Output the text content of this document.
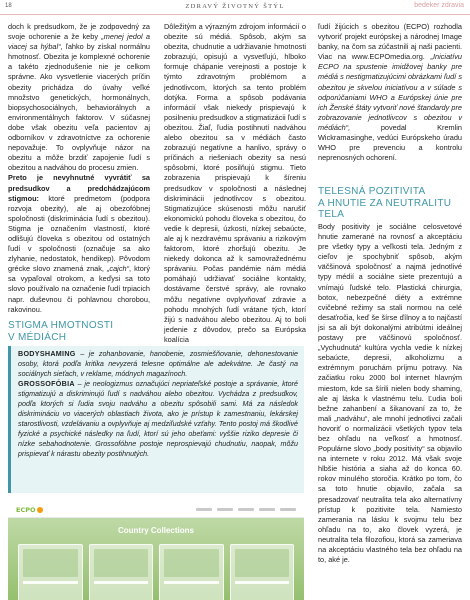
18	ZDRAVÝ ŽIVOTNÝ ŠTÝL	bedeker zdravia

doch k predsudkom, že je zodpovedný za svoje ochorenie a že keby „menej jedol a viacej sa hýbal“, ľahko by získal normálnu hmotnosť. Obezita je komplexné ochorenie a takéto zjednodušenie nie je celkom správne. Ako vysvetlenie viacerých príčin obezity prichádza do úvahy veľké množstvo genetických, hormonálnych, biopsychosociálnych, behaviorálnych a environmentálnych faktorov. V súčasnej dobe však obezitu veľa pacientov aj odborníkov v zdravotníctve za ochorenie nepovažuje. To ovplyvňuje názor na obezitu a môže brzdiť zapojenie ľudí s obezitou a nadváhou do procesu zmien.

Preto je nevyhnutné vyvrátiť sa predsudkov a predchádzajúcom stigmou: ktoré predmetom (podpora rozvoja obezity), ale aj obezofóbnej spoločnosti (diskriminácia ľudí s obezitou). Stigma je označením vlastností, ktoré odlišujú človeka s obezitou od ostatných ľudí v spoločnosti (označuje sa ako zlyhanie, nedostatok, hendikep). Pôvodom grécke slovo znamená znak, „cajch“, ktorý sa vypaľoval otrokom, a keďysi sa toto slovo používalo na označenie ľudí trpiacich napr. duševnou či pohlavnou chorobou, rakovinou.

STIGMA HMOTNOSTI
V MÉDIÁCH

Dôležitým a výrazným zdrojom informácií o obezite sú médiá. Spôsob, akým sa obezita, chudnutie a udržiavanie hmotnosti zobrazujú, opisujú a vysvetľujú, hlboko formuje chápanie verejnosti a postoje k týmto zdravotným problémom a jednotlivcom, ktorých sa tento problém dotýka. Forma a spôsob podávania informácií však niekedy prispievajú k posilneniu predsudkov a stigmatizácii ľudí s obezitou. Žiaľ, ľudia postihnutí nadváhou alebo obezitou sa v médiách často zobrazujú negatívne a hanlivo, správy o príčinách a riešeniach obezity sa nesú spôsobmi, ktoré posilňujú stigmu. Tieto zobrazenia prispievajú k šíreniu predsudkov v spoločnosti a následnej diskriminácii jednotlivcov s obezitou. Stigmatizujúce skúsenosti môžu narušiť ekonomickú pohodu človeka s obezitou, čo vedie k depresii, úzkosti, nízkej sebaúcte, ale aj k nezdravému správaniu a rizikovým faktorom, ktoré zhoršujú obezitu. Je niekedy dokonca až k samovražednému správaniu. Počas pandémie nám médiá pomáhajú udržiavať sociálne kontakty, dostávame čerstvé správy, ale rovnako môžu negatívne ovplyvňovať zdravie a pohodu mnohých ľudí vrátane tých, ktorí žijú s nadváhou alebo obezitou. Aj to boli jedenie z dôvodov, prečo sa Európska koalícia

ľudí žijúcich s obezitou (ECPO) rozhodla vytvoriť projekt európskej a národnej Image banky, na čom sa zúčastnili aj naši pacienti. Viac na www.ECPOmedia.org. „Iniciatívu ECPO na spustenie imidžovej banky pre médiá s nestigmatizujúcimi obrázkami ľudí s obezitou je skvelou iniciatívou a v súlade s odporúčaniami WHO a Európskej únie pre ich Ženské štáty vytvoriť nové štandardy pre zobrazovanie jednotlivcov s obezitou v médiách“, povedal Kremlin Wickramasinghe, vedúci Európskeho úradu WHO pre prevenciu a kontrolu neprenosných ochorení.

TELESNÁ POZITIVITA
A HNUTIE ZA NEUTRALITU
TELA

Body positivity je sociálne celosvetové hnutie zamerané na rovnosť a akceptáciu pre všetky typy a veľkosti tela. Jedným z cieľov je spochybniť spôsob, akým väčšinová spoločnosť a najmä jednotlivé typy médií a sociálne siete prezentujú a vnímajú ľudské telo. Plastická chirurgia, botox, nebezpečné diéty a extrémne cvičebné režimy sa stali normou na celé desaťročia, keď še šírse ďílnoy a to najčastí jsi sa ali být dokonalými atribútmi ideálnej postavy pre väčšinovú spoločnosť. „Vychudnutá“ kultúra vychla vedie k nízkej sebaúcte, depresii, alkoholizmu a extrémnym poruchám príjmu potravy. Na začiatku roku 2000 bol internet hlavným miestom, kde sa šírili nielen body shaming, ale aj láska k vlastnému telu. Ľudia boli bežne zahanbení a šikanovaní za to, že mali „nadváhu“, ale mnohí jednotlivci začali hovoriť o normalizácii všetkých typov tela bez ohľadu na veľkosť a hmotnosť. Populárne slovo „body positivity“ sa objavilo na internete v roku 2012. Má však svoje hlbšie história a siaha až do konca 60. rokov minulého storočia. Krátko po tom, čo sa toto hnutie objavilo, začala sa presadzovať neutralita tela ako alternatívny prístup k pozitivite tela. Namiesto zamerania na lásku k svojmu telu bez ohľadu na to, ako človek vyzerá, je neutralita tela filozofiou, ktorá sa zameriava na akceptáciu vlastného tela bez ohľadu na to, aké je.

BODYSHAMING – je zohanbovanie, hanobenie, zosmiešňovanie, dehonestovanie osoby, ktorá podľa kritika nevyzerá telesne optimálne ale adekvátne. Je častý na sociálnych sieťach, v reklame, módnych magazínoch.

GROSSOFÓBIA – je neologizmus označujúci nepriateľské postoje a správanie, ktoré stigmatizujú a diskriminujú ľudí s nadváhou alebo obezitou. Vychádza z predsudkov, podľa ktorých si ľudia svoju nadváhu a obezitu spôsobili sami. Má za následok diskrimináciu vo viacerých oblastiach života, ako je prístup k zamestnaniu, lekárskej starostlivosti, vzdelávaniu a ovplyvňuje aj medziľudské vzťahy. Tento postoj má škodlivé fyzické a psychické následky na ľudí, ktorí sú jeho obeťami: vyššie riziko depresie či nízke sebahodnotenie. Grossofóbne postoje neprospievajú chudnutiu, naopak, môžu prispievať k nárastu obezity postihnutých.

ECPO
Country Collections
